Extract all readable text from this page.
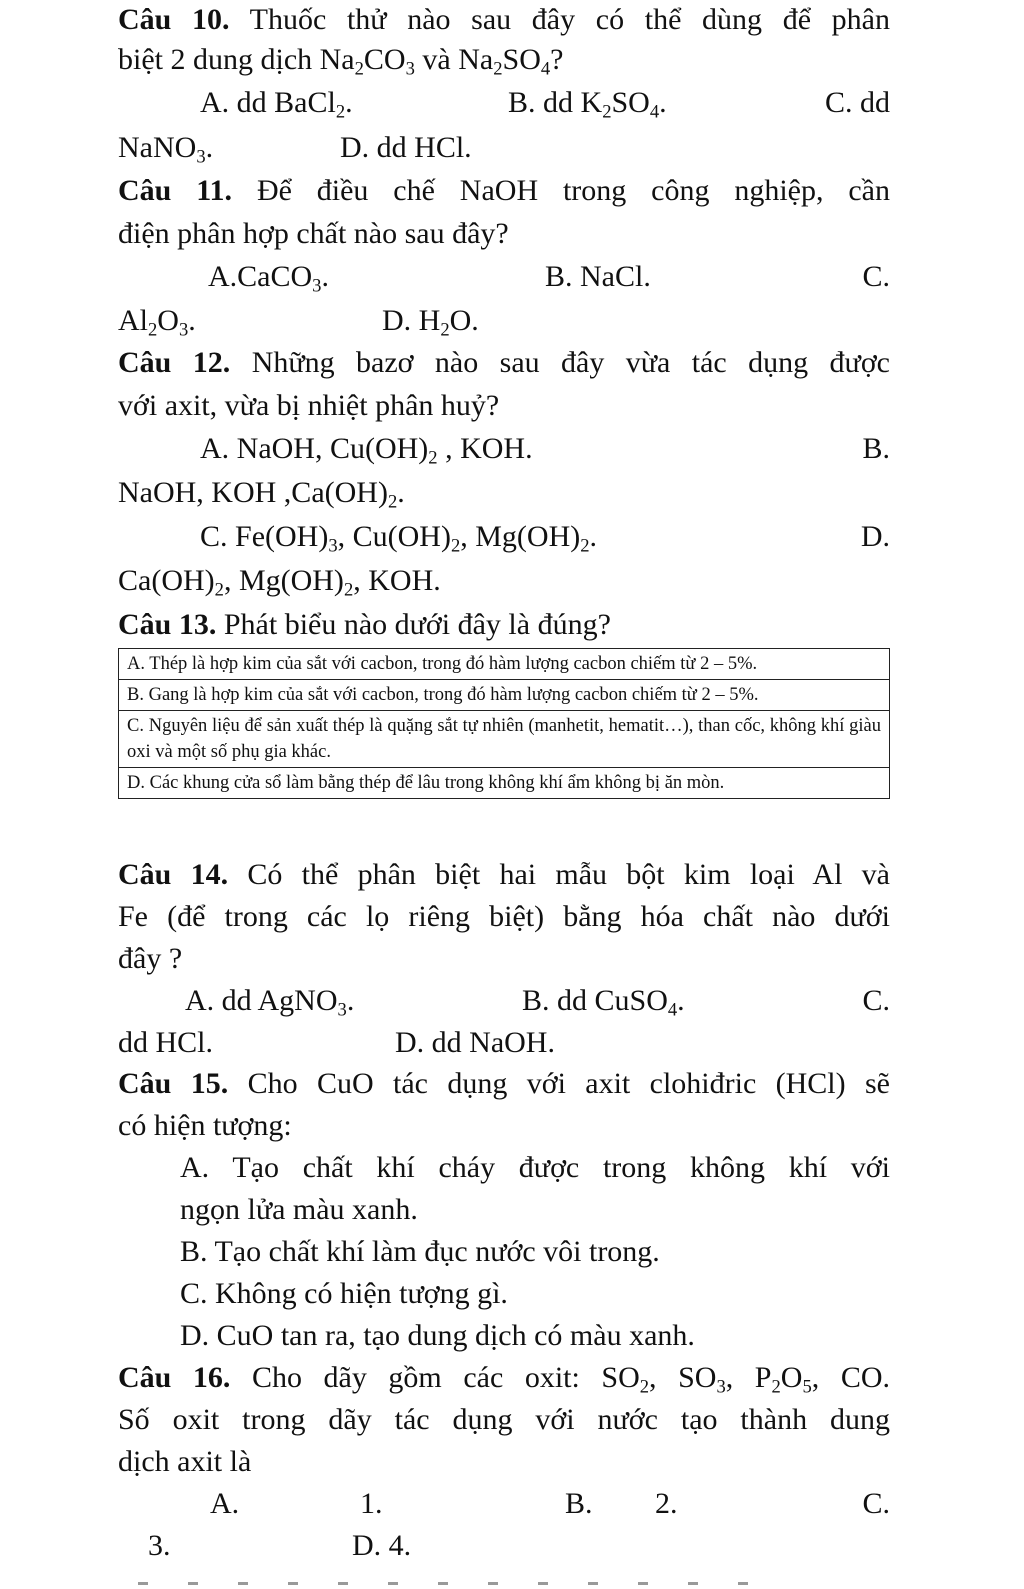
Câu 10. Thuốc thử nào sau đây có thể dùng để phân
biệt 2 dung dịch $Na_2CO_3$ và $Na_2SO_4$?
A. dd BaCl$_2$.	B. dd $K_2SO_4$.	C. dd
NaNO$_3$.	D. dd HCl.
Câu 11. Để điều chế NaOH trong công nghiệp, cần
điện phân hợp chất nào sau đây?
A.CaCO$_3$.	B. NaCl.	C.
$Al_2O_3$.	D. $H_2O$.
Câu 12. Những bazơ nào sau đây vừa tác dụng được
với axit, vừa bị nhiệt phân huỷ?
A. NaOH, $Cu(OH)_2$ , KOH.	B.
NaOH, KOH $,Ca(OH)_2$.
C. $Fe(OH)_3$, $Cu(OH)_2$, $Mg(OH)_2$.	D.
$Ca(OH)_2$, $Mg(OH)_2$, KOH.
Câu 13. Phát biểu nào dưới đây là đúng?
A. Thép là hợp kim của sắt với cacbon, trong đó hàm lượng cacbon chiếm từ 2 – 5%.
B. Gang là hợp kim của sắt với cacbon, trong đó hàm lượng cacbon chiếm từ 2 – 5%.
C. Nguyên liệu để sản xuất thép là quặng sắt tự nhiên (manhetit, hematit…), than cốc, không khí giàu oxi và một số phụ gia khác.
D. Các khung cửa sổ làm bằng thép để lâu trong không khí ẩm không bị ăn mòn.
Câu 14. Có thể phân biệt hai mẫu bột kim loại Al và
Fe (để trong các lọ riêng biệt) bằng hóa chất nào dưới
đây ?
A. dd AgNO$_3$.	B. dd CuSO$_4$.	C.
dd HCl.	D. dd NaOH.
Câu 15. Cho CuO tác dụng với axit clohiđric (HCl) sẽ
có hiện tượng:
A. Tạo chất khí cháy được trong không khí với
ngọn lửa màu xanh.
B. Tạo chất khí làm đục nước vôi trong.
C. Không có hiện tượng gì.
D. CuO tan ra, tạo dung dịch có màu xanh.
Câu 16. Cho dãy gồm các oxit: $SO_2$, $SO_3$, $P_2O_5$, CO.
Số oxit trong dãy tác dụng với nước tạo thành dung
dịch axit là
A.	1.	B. 2.	C.
3.	D. 4.
